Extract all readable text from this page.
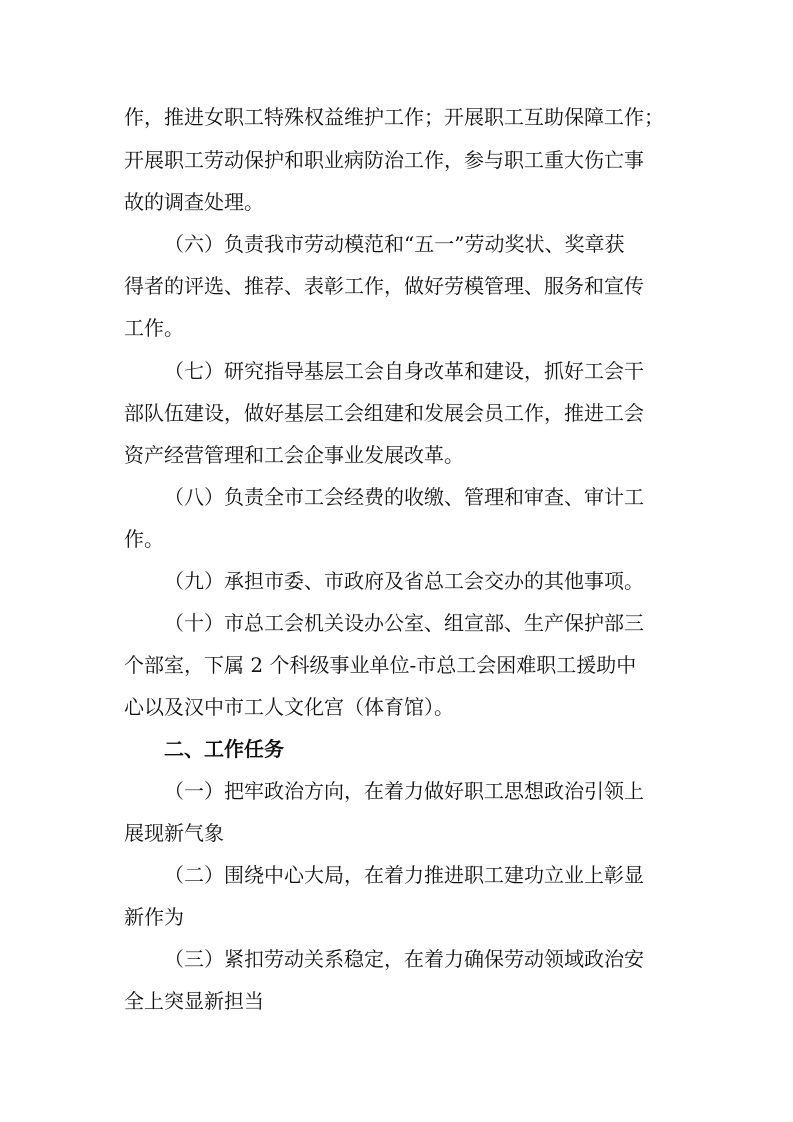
作，推进女职工特殊权益维护工作；开展职工互助保障工作；
开展职工劳动保护和职业病防治工作，参与职工重大伤亡事
故的调查处理。
（六）负责我市劳动模范和“五一”劳动奖状、奖章获
得者的评选、推荐、表彰工作，做好劳模管理、服务和宣传
工作。
（七）研究指导基层工会自身改革和建设，抓好工会干
部队伍建设，做好基层工会组建和发展会员工作，推进工会
资产经营管理和工会企事业发展改革。
（八）负责全市工会经费的收缴、管理和审查、审计工
作。
（九）承担市委、市政府及省总工会交办的其他事项。
（十）市总工会机关设办公室、组宣部、生产保护部三
个部室，下属 2 个科级事业单位-市总工会困难职工援助中
心以及汉中市工人文化宫（体育馆）。
二、工作任务
（一）把牢政治方向，在着力做好职工思想政治引领上
展现新气象
（二）围绕中心大局，在着力推进职工建功立业上彰显
新作为
（三）紧扣劳动关系稳定，在着力确保劳动领域政治安
全上突显新担当
